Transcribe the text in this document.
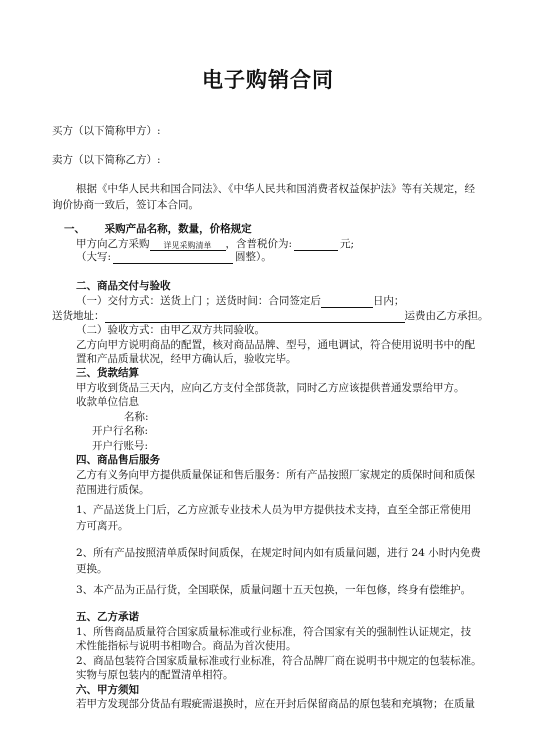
电子购销合同
买方（以下简称甲方）:
卖方（以下简称乙方）:
根据《中华人民共和国合同法》、《中华人民共和国消费者权益保护法》等有关规定，经
询价协商一致后，签订本合同。
一、 采购产品名称，数量，价格规定
甲方向乙方采购 详见采购清单 ，含普税价为:	元;
（大写:	圆整）。
二、商品交付与验收
（一）交付方式：送货上门 ；送货时间：合同签定后	日内；
送货地址：	运费由乙方承担。
（二）验收方式：由甲乙双方共同验收。
乙方向甲方说明商品的配置，核对商品品牌、型号，通电调试，符合使用说明书中的配
置和产品质量状况，经甲方确认后，验收完毕。
三、货款结算
甲方收到货品三天内，应向乙方支付全部货款，同时乙方应该提供普通发票给甲方。
收款单位信息
名称:
开户行名称:
开户行账号:
四、商品售后服务
乙方有义务向甲方提供质量保证和售后服务：所有产品按照厂家规定的质保时间和质保
范围进行质保。
1、产品送货上门后，乙方应派专业技术人员为甲方提供技术支持，直至全部正常使用
方可离开。
2、所有产品按照清单质保时间质保，在规定时间内如有质量问题，进行 24 小时内免费
更换。
3、本产品为正品行货，全国联保，质量问题十五天包换，一年包修，终身有偿维护。
五、乙方承诺
1、所售商品质量符合国家质量标准或行业标准，符合国家有关的强制性认证规定，技
术性能指标与说明书相吻合。商品为首次使用。
2、商品包装符合国家质量标准或行业标准，符合品牌厂商在说明书中规定的包装标准。
实物与原包装内的配置清单相符。
六、甲方须知
若甲方发现部分货品有瑕疵需退换时，应在开封后保留商品的原包装和充填物；在质量
